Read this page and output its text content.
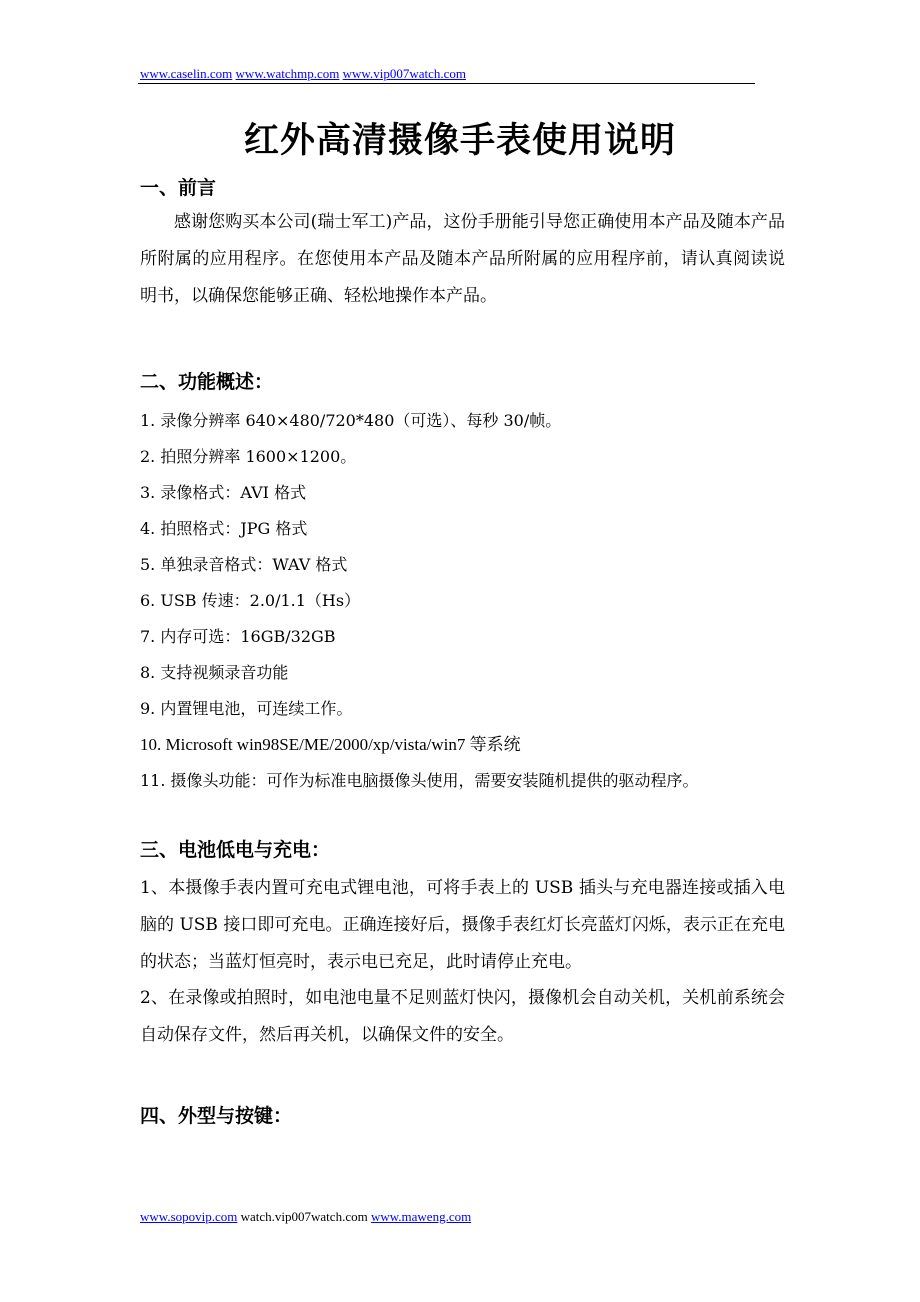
www.caselin.com www.watchmp.com www.vip007watch.com
红外高清摄像手表使用说明
一、前言
感谢您购买本公司(瑞士军工)产品，这份手册能引导您正确使用本产品及随本产品所附属的应用程序。在您使用本产品及随本产品所附属的应用程序前，请认真阅读说明书，以确保您能够正确、轻松地操作本产品。
二、功能概述：
1. 录像分辨率 640×480/720*480（可选）、每秒 30/帧。
2. 拍照分辨率 1600×1200。
3. 录像格式：AVI 格式
4. 拍照格式：JPG 格式
5. 单独录音格式：WAV 格式
6. USB 传速：2.0/1.1（Hs）
7. 内存可选：16GB/32GB
8. 支持视频录音功能
9. 内置锂电池，可连续工作。
10. Microsoft win98SE/ME/2000/xp/vista/win7 等系统
11. 摄像头功能：可作为标准电脑摄像头使用，需要安装随机提供的驱动程序。
三、电池低电与充电：
1、本摄像手表内置可充电式锂电池，可将手表上的 USB 插头与充电器连接或插入电脑的 USB 接口即可充电。正确连接好后，摄像手表红灯长亮蓝灯闪烁，表示正在充电的状态；当蓝灯恒亮时，表示电已充足，此时请停止充电。
2、在录像或拍照时，如电池电量不足则蓝灯快闪，摄像机会自动关机，关机前系统会自动保存文件，然后再关机，以确保文件的安全。
四、外型与按键：
www.sopovip.com watch.vip007watch.com www.maweng.com
